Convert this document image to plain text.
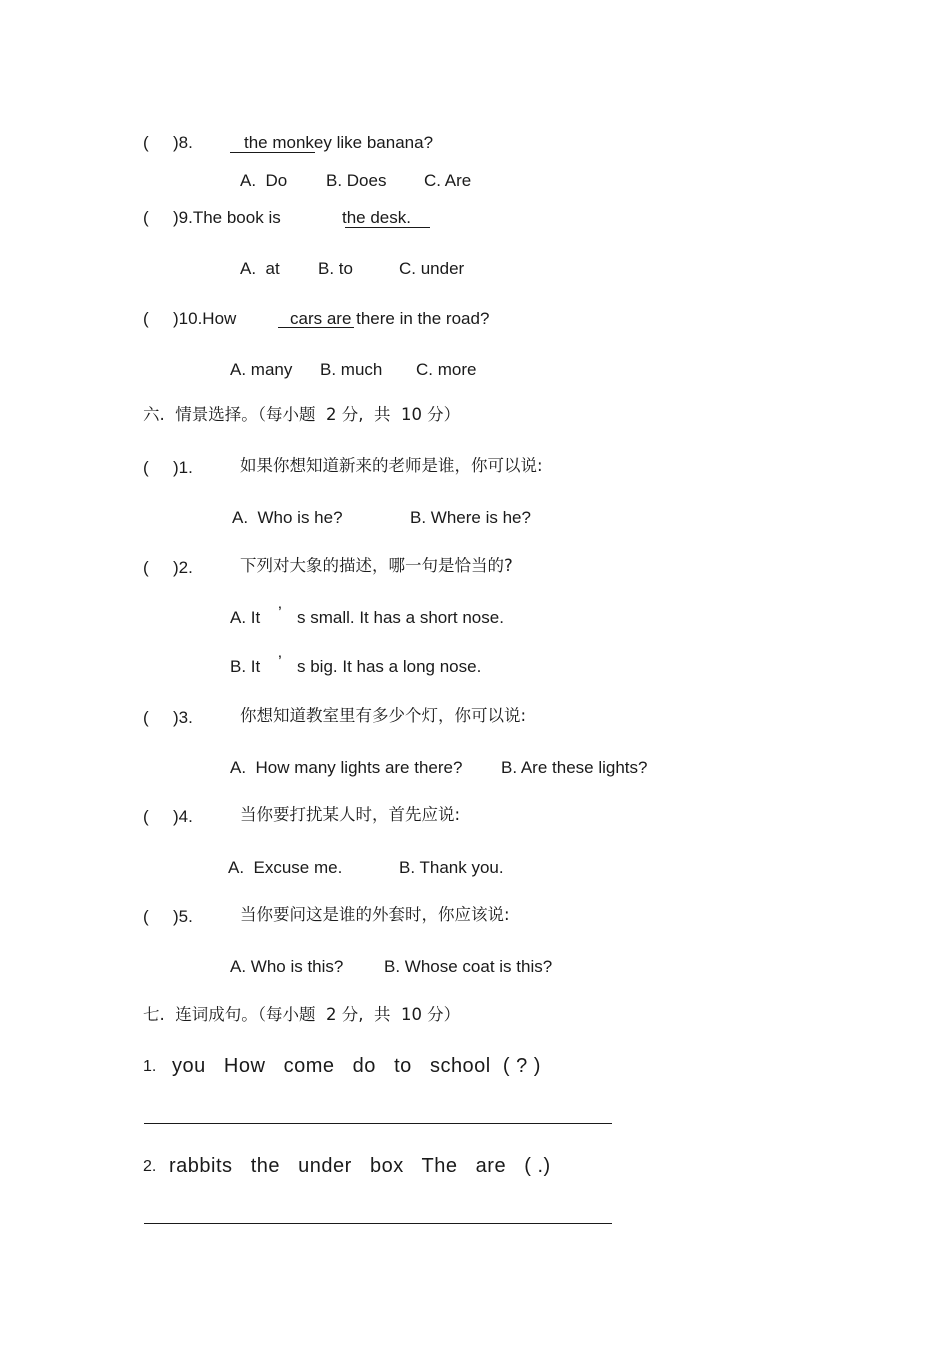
( )8.	the monkey like banana?
A.  Do B. Does C. Are
( )9.The book is	the desk.
A.  at B. to	C. under
( )10.How	cars are there in the road?
A. many B. much C. more
六.  情景选择。（每小题  2 分,  共  10 分）
( )1.	如果你想知道新来的老师是谁，你可以说:
A.  Who is he?	B. Where is he?
( )2.	下列对大象的描述，哪一句是恰当的?
A. It ’ s small. It has a short nose.
B. It ’ s big. It has a long nose.
( )3.	你想知道教室里有多少个灯，你可以说:
A.  How many lights are there? B. Are these lights?
( )4.	当你要打扰某人时，首先应说:
A.  Excuse me.	B. Thank you.
( )5.	当你要问这是谁的外套时，你应该说:
A. Who is this? B. Whose coat is this?
七.  连词成句。（每小题  2 分,  共  10 分）
1. you   How   come   do   to   school  ( ? )
2. rabbits   the   under   box   The   are   ( .)
